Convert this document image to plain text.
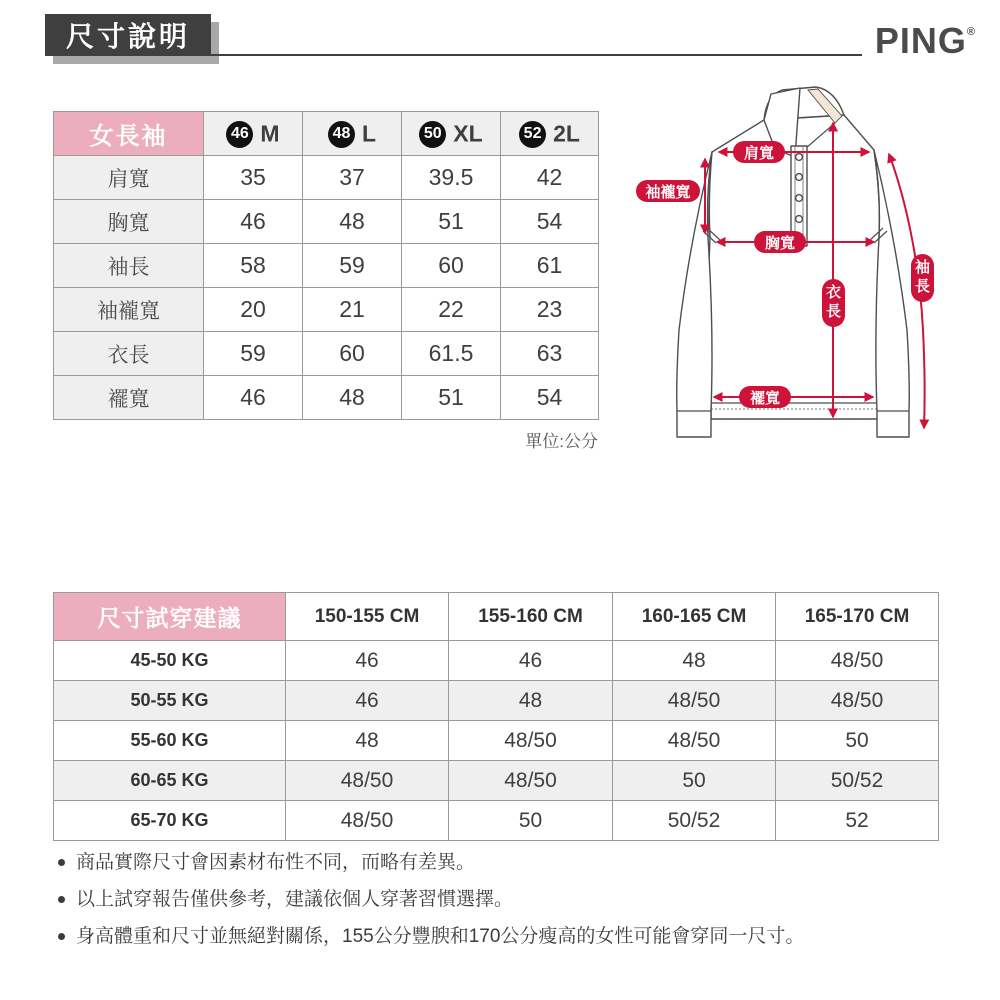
尺寸說明	PING®
女長袖	46 M	48 L	50 XL	52 2L
肩寬	35	37	39.5	42
胸寬	46	48	51	54
袖長	58	59	60	61
袖襱寬	20	21	22	23
衣長	59	60	61.5	63
襬寬	46	48	51	54
單位:公分
肩寬
袖襱寬
胸寬
衣長
襬寬
袖長
尺寸試穿建議	150-155 CM	155-160 CM	160-165 CM	165-170 CM
45-50 KG	46	46	48	48/50
50-55 KG	46	48	48/50	48/50
55-60 KG	48	48/50	48/50	50
60-65 KG	48/50	48/50	50	50/52
65-70 KG	48/50	50	50/52	52
商品實際尺寸會因素材布性不同，而略有差異。
以上試穿報告僅供參考，建議依個人穿著習慣選擇。
身高體重和尺寸並無絕對關係，155公分豐腴和170公分瘦高的女性可能會穿同一尺寸。
